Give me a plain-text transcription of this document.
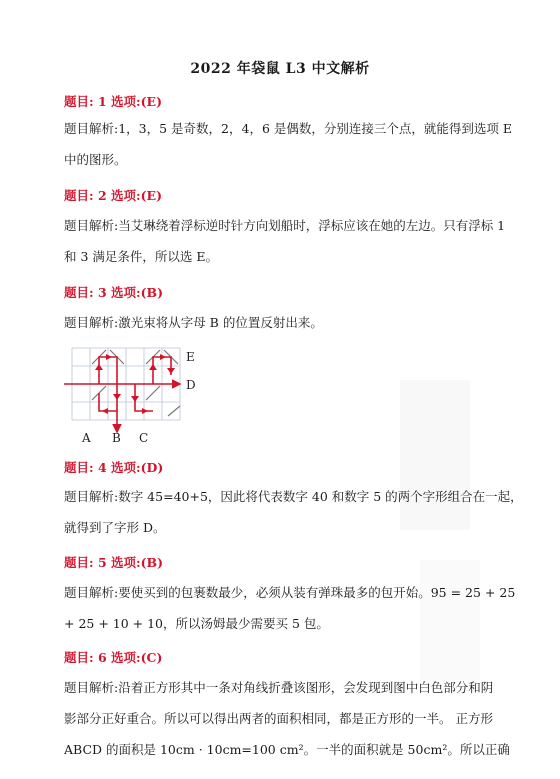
2022 年袋鼠 L3 中文解析
题目: 1 选项:(E)
题目解析:1，3，5 是奇数，2，4，6 是偶数，分别连接三个点，就能得到选项 E
中的图形。
题目: 2 选项:(E)
题目解析:当艾琳绕着浮标逆时针方向划船时，浮标应该在她的左边。只有浮标 1
和 3 满足条件，所以选 E。
题目: 3 选项:(B)
题目解析:激光束将从字母 B 的位置反射出来。
E
D
A B C
题目: 4 选项:(D)
题目解析:数字 45=40+5，因此将代表数字 40 和数字 5 的两个字形组合在一起，
就得到了字形 D。
题目: 5 选项:(B)
题目解析:要使买到的包裹数最少，必须从装有弹珠最多的包开始。95 = 25 + 25
+ 25 + 10 + 10，所以汤姆最少需要买 5 包。
题目: 6 选项:(C)
题目解析:沿着正方形其中一条对角线折叠该图形，会发现到图中白色部分和阴
影部分正好重合。所以可以得出两者的面积相同，都是正方形的一半。 正方形
ABCD 的面积是 10cm · 10cm=100 cm²。一半的面积就是 50cm²。所以正确
